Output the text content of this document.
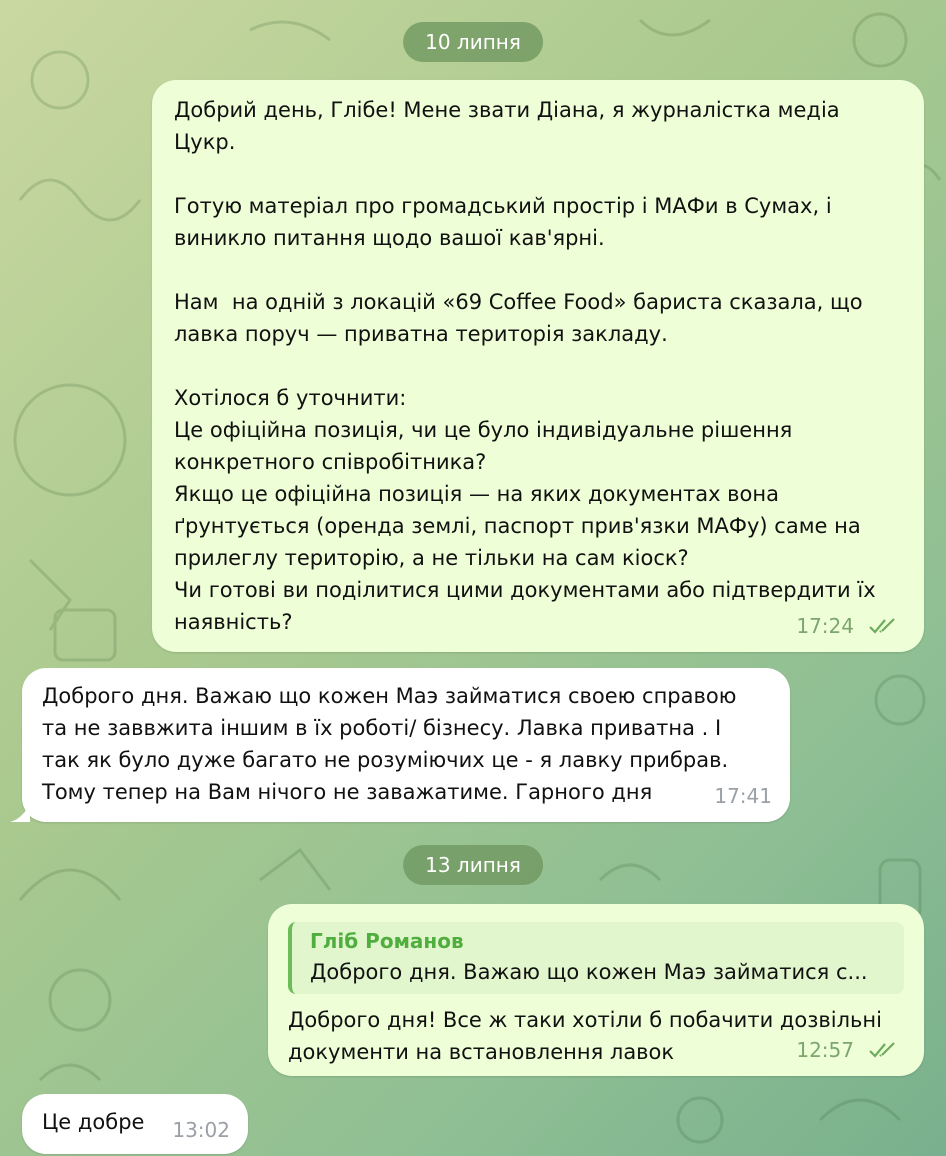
10 липня

Добрий день, Глібе! Мене звати Діана, я журналістка медіа
Цукр.

Готую матеріал про громадський простір і МАФи в Сумах, і
виникло питання щодо вашої кав'ярні.

Нам  на одній з локацій «69 Coffee Food» бариста сказала, що
лавка поруч — приватна територія закладу.

Хотілося б уточнити:
Це офіційна позиція, чи це було індивідуальне рішення
конкретного співробітника?
Якщо це офіційна позиція — на яких документах вона
ґрунтується (оренда землі, паспорт прив'язки МАФу) саме на
прилеглу територію, а не тільки на сам кіоск?
Чи готові ви поділитися цими документами або підтвердити їх
наявність?	17:24

Доброго дня. Важаю що кожен Маэ займатися своею справою
та не заввжита іншим в їх роботі/ бізнесу. Лавка приватна . І
так як було дуже багато не розуміючих це - я лавку прибрав.
Тому тепер на Вам нічого не заважатиме. Гарного дня	17:41
13 липня
Гліб Романов
Доброго дня. Важаю що кожен Маэ займатися с...

Доброго дня! Все ж таки хотіли б побачити дозвільні
документи на встановлення лавок	12:57

Це добре	13:02
